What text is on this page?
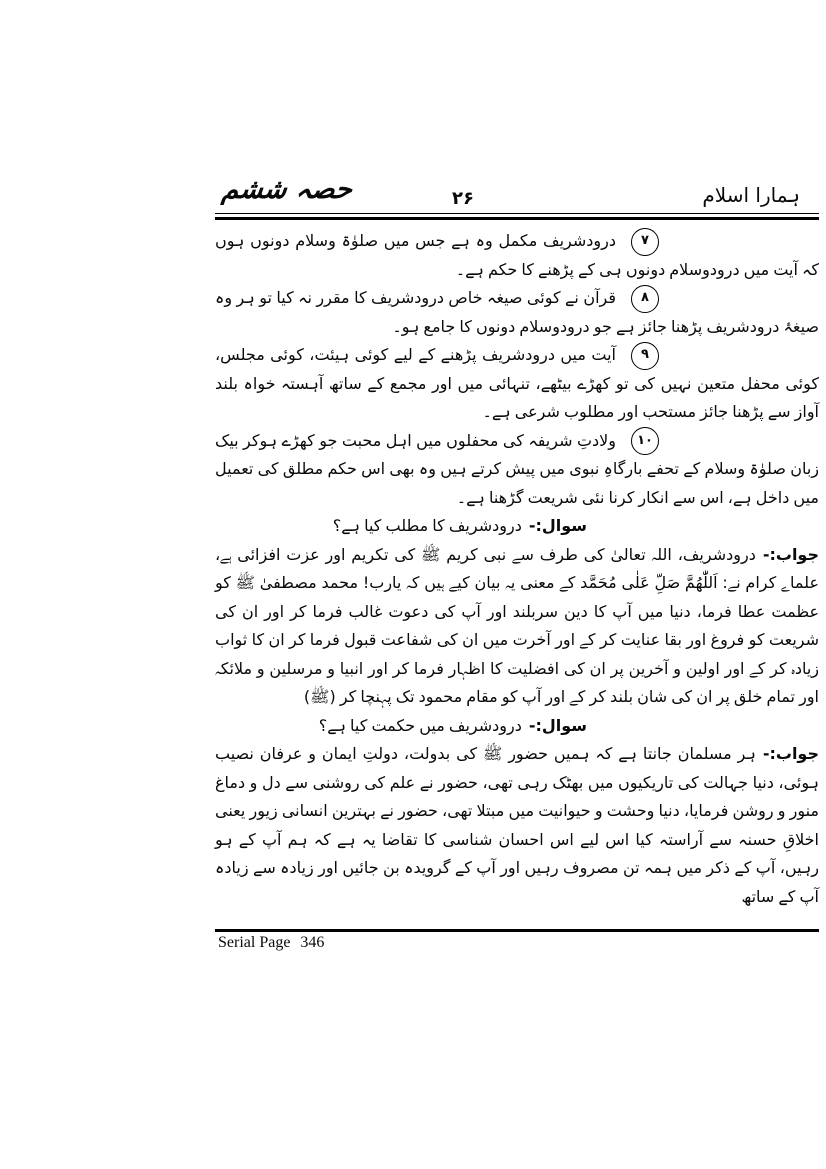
ہمارا اسلام
۲۶
حصہ ششم

۷
درودشریف مکمل وہ ہے جس میں صلوٰۃ وسلام دونوں ہوں کہ آیت میں درودوسلام دونوں ہی کے پڑھنے کا حکم ہے۔

۸
قرآن نے کوئی صیغہ خاص درودشریف کا مقرر نہ کیا تو ہر وہ صیغۂ درودشریف پڑھنا جائز ہے جو درودوسلام دونوں کا جامع ہو۔

۹
آیت میں درودشریف پڑھنے کے لیے کوئی ہیئت، کوئی مجلس، کوئی محفل متعین نہیں کی تو کھڑے بیٹھے، تنہائی میں اور مجمع کے ساتھ آہستہ خواہ بلند آواز سے پڑھنا جائز مستحب اور مطلوب شرعی ہے۔

۱۰
ولادتِ شریفہ کی محفلوں میں اہل محبت جو کھڑے ہوکر بیک زبان صلوٰۃ وسلام کے تحفے بارگاہِ نبوی میں پیش کرتے ہیں وہ بھی اس حکم مطلق کی تعمیل میں داخل ہے، اس سے انکار کرنا نئی شریعت گڑھنا ہے۔

سوال:-درودشریف کا مطلب کیا ہے؟

جواب:-درودشریف، اللہ تعالیٰ کی طرف سے نبی کریم ﷺ کی تکریم اور عزت افزائی ہے، علماے کرام نے: اَللّٰهُمَّ صَلِّ عَلٰی مُحَمَّد کے معنی یہ بیان کیے ہیں کہ یارب! محمد مصطفیٰ ﷺ کو عظمت عطا فرما، دنیا میں آپ کا دین سربلند اور آپ کی دعوت غالب فرما کر اور ان کی شریعت کو فروغ اور بقا عنایت کر کے اور آخرت میں ان کی شفاعت قبول فرما کر ان کا ثواب زیادہ کر کے اور اولین و آخرین پر ان کی افضلیت کا اظہار فرما کر اور انبیا و مرسلین و ملائکہ اور تمام خلق پر ان کی شان بلند کر کے اور آپ کو مقام محمود تک پہنچا کر (ﷺ)

سوال:-درودشریف میں حکمت کیا ہے؟

جواب:-ہر مسلمان جانتا ہے کہ ہمیں حضور ﷺ کی بدولت، دولتِ ایمان و عرفان نصیب ہوئی، دنیا جہالت کی تاریکیوں میں بھٹک رہی تھی، حضور نے علم کی روشنی سے دل و دماغ منور و روشن فرمایا، دنیا وحشت و حیوانیت میں مبتلا تھی، حضور نے بہترین انسانی زیور یعنی اخلاقِ حسنہ سے آراستہ کیا اس لیے اس احسان شناسی کا تقاضا یہ ہے کہ ہم آپ کے ہو رہیں، آپ کے ذکر میں ہمہ تن مصروف رہیں اور آپ کے گرویدہ بن جائیں اور زیادہ سے زیادہ آپ کے ساتھ

Serial Page 346
